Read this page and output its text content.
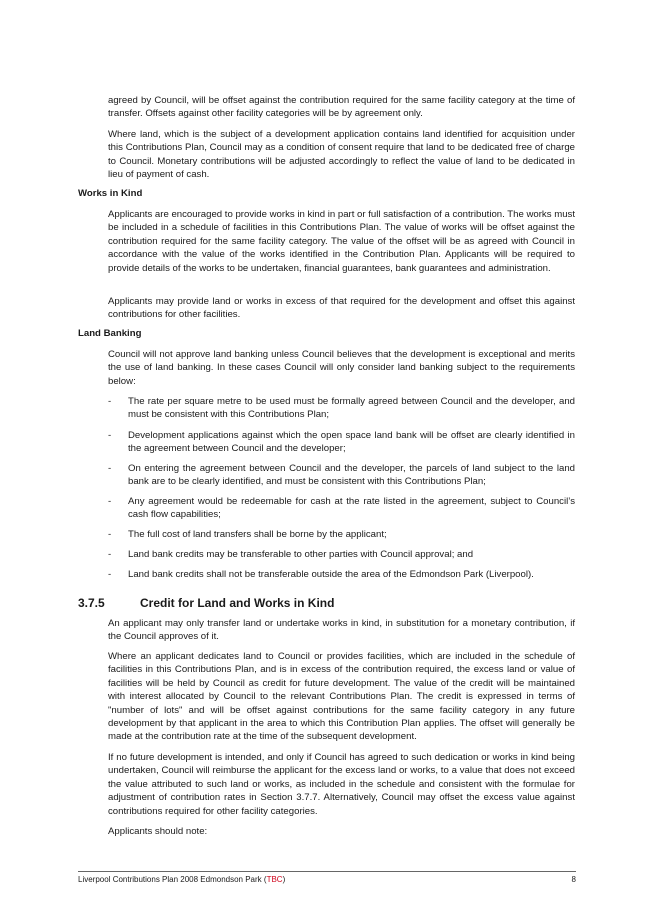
agreed by Council, will be offset against the contribution required for the same facility category at the time of transfer. Offsets against other facility categories will be by agreement only.

Where land, which is the subject of a development application contains land identified for acquisition under this Contributions Plan, Council may as a condition of consent require that land to be dedicated free of charge to Council. Monetary contributions will be adjusted accordingly to reflect the value of land to be dedicated in lieu of payment of cash.

Works in Kind

Applicants are encouraged to provide works in kind in part or full satisfaction of a contribution. The works must be included in a schedule of facilities in this Contributions Plan. The value of works will be offset against the contribution required for the same facility category. The value of the offset will be as agreed with Council in accordance with the value of the works identified in the Contribution Plan. Applicants will be required to provide details of the works to be undertaken, financial guarantees, bank guarantees and administration.

Applicants may provide land or works in excess of that required for the development and offset this against contributions for other facilities.

Land Banking

Council will not approve land banking unless Council believes that the development is exceptional and merits the use of land banking. In these cases Council will only consider land banking subject to the requirements below:

- The rate per square metre to be used must be formally agreed between Council and the developer, and must be consistent with this Contributions Plan;
- Development applications against which the open space land bank will be offset are clearly identified in the agreement between Council and the developer;
- On entering the agreement between Council and the developer, the parcels of land subject to the land bank are to be clearly identified, and must be consistent with this Contributions Plan;
- Any agreement would be redeemable for cash at the rate listed in the agreement, subject to Council’s cash flow capabilities;
- The full cost of land transfers shall be borne by the applicant;
- Land bank credits may be transferable to other parties with Council approval; and
- Land bank credits shall not be transferable outside the area of the Edmondson Park (Liverpool).

3.7.5	Credit for Land and Works in Kind

An applicant may only transfer land or undertake works in kind, in substitution for a monetary contribution, if the Council approves of it.

Where an applicant dedicates land to Council or provides facilities, which are included in the schedule of facilities in this Contributions Plan, and is in excess of the contribution required, the excess land or value of facilities will be held by Council as credit for future development. The value of the credit will be maintained with interest allocated by Council to the relevant Contributions Plan. The credit is expressed in terms of "number of lots" and will be offset against contributions for the same facility category in any future development by that applicant in the area to which this Contribution Plan applies. The offset will generally be made at the contribution rate at the time of the subsequent development.

If no future development is intended, and only if Council has agreed to such dedication or works in kind being undertaken, Council will reimburse the applicant for the excess land or works, to a value that does not exceed the value attributed to such land or works, as included in the schedule and consistent with the formulae for adjustment of contribution rates in Section 3.7.7. Alternatively, Council may offset the excess value against contributions required for other facility categories.

Applicants should note:

Liverpool Contributions Plan 2008 Edmondson Park (TBC)	8
